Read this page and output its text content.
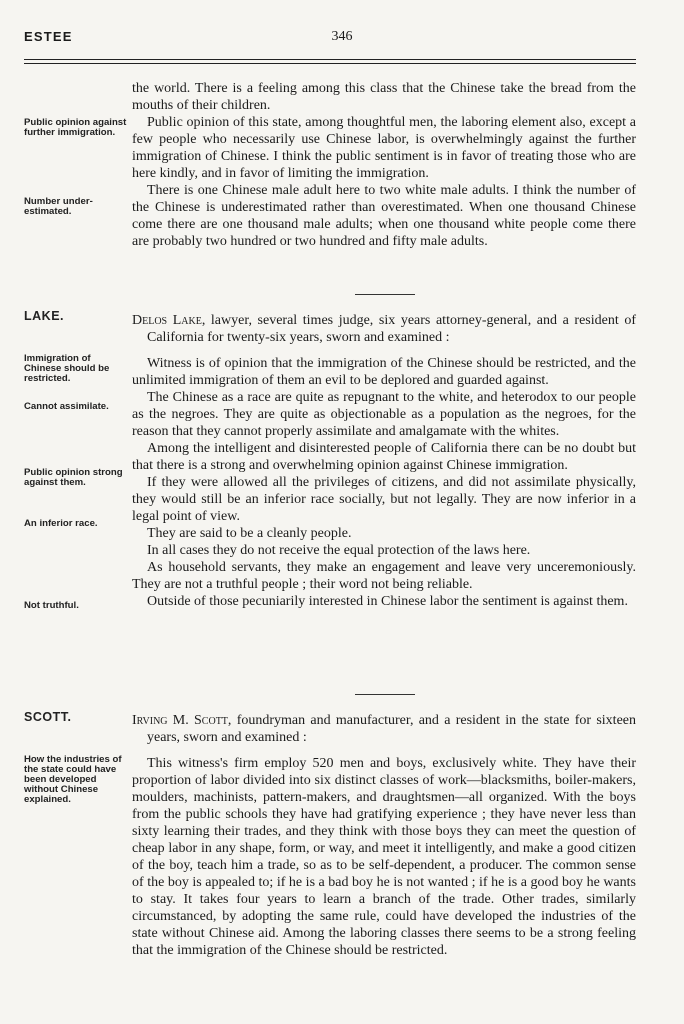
ESTEE	346
Public opinion against further immigration.
Number under-estimated.
LAKE.
Immigration of Chinese should be restricted.
Cannot assimilate.
Public opinion strong against them.
An inferior race.
Not truthful.
SCOTT.
How the industries of the state could have been developed without Chinese explained.

the world. There is a feeling among this class that the Chinese take the bread from the mouths of their children.

Public opinion of this state, among thoughtful men, the laboring element also, except a few people who necessarily use Chinese labor, is overwhelmingly against the further immigration of Chinese. I think the public sentiment is in favor of treating those who are here kindly, and in favor of limiting the immigration.

There is one Chinese male adult here to two white male adults. I think the number of the Chinese is underestimated rather than overestimated. When one thousand Chinese come there are one thousand male adults; when one thousand white people come there are probably two hundred or two hundred and fifty male adults.

Delos Lake, lawyer, several times judge, six years attorney-general, and a resident of California for twenty-six years, sworn and examined :

Witness is of opinion that the immigration of the Chinese should be restricted, and the unlimited immigration of them an evil to be deplored and guarded against.

The Chinese as a race are quite as repugnant to the white, and heterodox to our people as the negroes. They are quite as objectionable as a population as the negroes, for the reason that they cannot properly assimilate and amalgamate with the whites.

Among the intelligent and disinterested people of California there can be no doubt but that there is a strong and overwhelming opinion against Chinese immigration.

If they were allowed all the privileges of citizens, and did not assimilate physically, they would still be an inferior race socially, but not legally. They are now inferior in a legal point of view.

They are said to be a cleanly people.

In all cases they do not receive the equal protection of the laws here.

As household servants, they make an engagement and leave very unceremoniously. They are not a truthful people ; their word not being reliable.

Outside of those pecuniarily interested in Chinese labor the sentiment is against them.

Irving M. Scott, foundryman and manufacturer, and a resident in the state for sixteen years, sworn and examined :

This witness's firm employ 520 men and boys, exclusively white. They have their proportion of labor divided into six distinct classes of work—blacksmiths, boiler-makers, moulders, machinists, pattern-makers, and draughtsmen—all organized. With the boys from the public schools they have had gratifying experience ; they have never less than sixty learning their trades, and they think with those boys they can meet the question of cheap labor in any shape, form, or way, and meet it intelligently, and make a good citizen of the boy, teach him a trade, so as to be self-dependent, a producer. The common sense of the boy is appealed to; if he is a bad boy he is not wanted ; if he is a good boy he wants to stay. It takes four years to learn a branch of the trade. Other trades, similarly circumstanced, by adopting the same rule, could have developed the industries of the state without Chinese aid. Among the laboring classes there seems to be a strong feeling that the immigration of the Chinese should be restricted.
